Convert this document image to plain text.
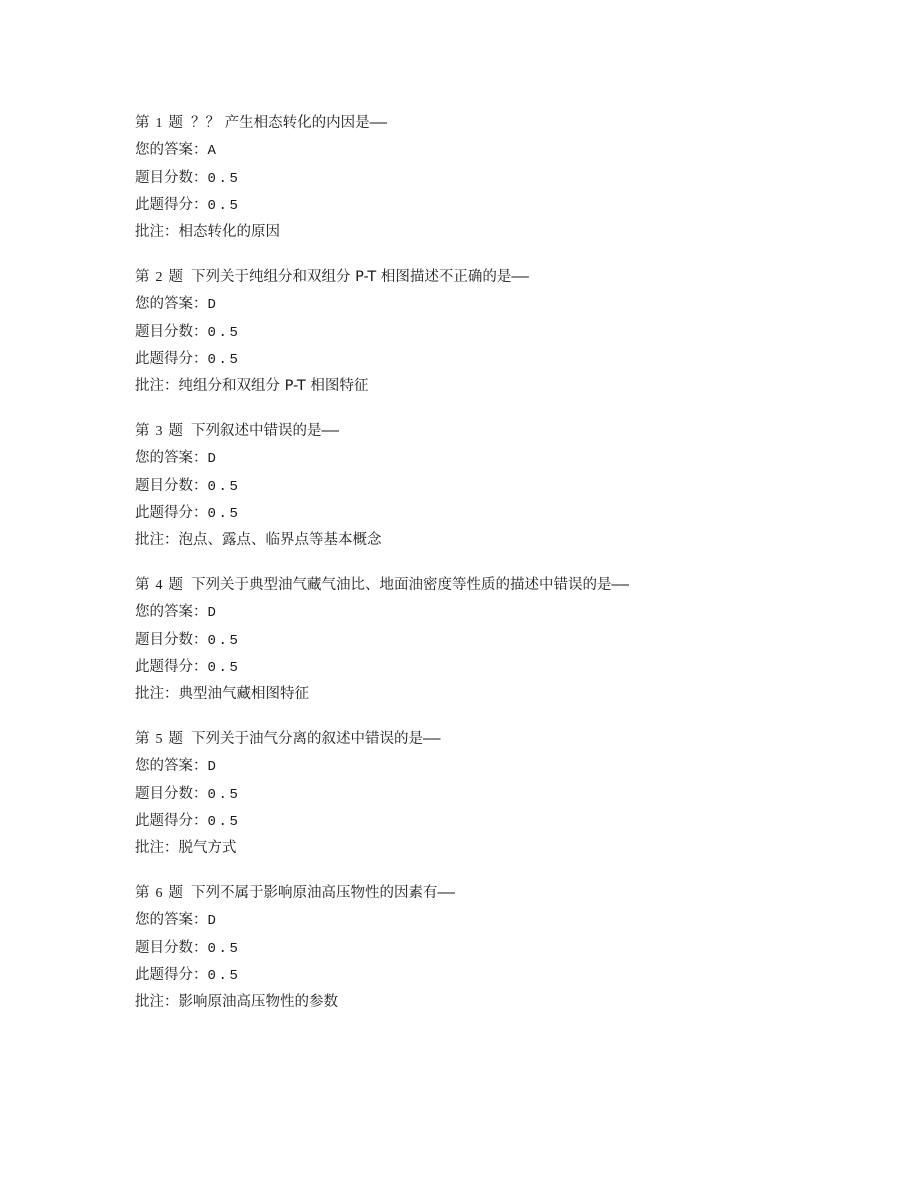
第 1 题 ？？ 产生相态转化的内因是——
您的答案：A
题目分数：0.5
此题得分：0.5
批注：相态转化的原因
第 2 题 下列关于纯组分和双组分 P-T 相图描述不正确的是——
您的答案：D
题目分数：0.5
此题得分：0.5
批注：纯组分和双组分 P-T 相图特征
第 3 题 下列叙述中错误的是——
您的答案：D
题目分数：0.5
此题得分：0.5
批注：泡点、露点、临界点等基本概念
第 4 题 下列关于典型油气藏气油比、地面油密度等性质的描述中错误的是——
您的答案：D
题目分数：0.5
此题得分：0.5
批注：典型油气藏相图特征
第 5 题 下列关于油气分离的叙述中错误的是——
您的答案：D
题目分数：0.5
此题得分：0.5
批注：脱气方式
第 6 题 下列不属于影响原油高压物性的因素有——
您的答案：D
题目分数：0.5
此题得分：0.5
批注：影响原油高压物性的参数
